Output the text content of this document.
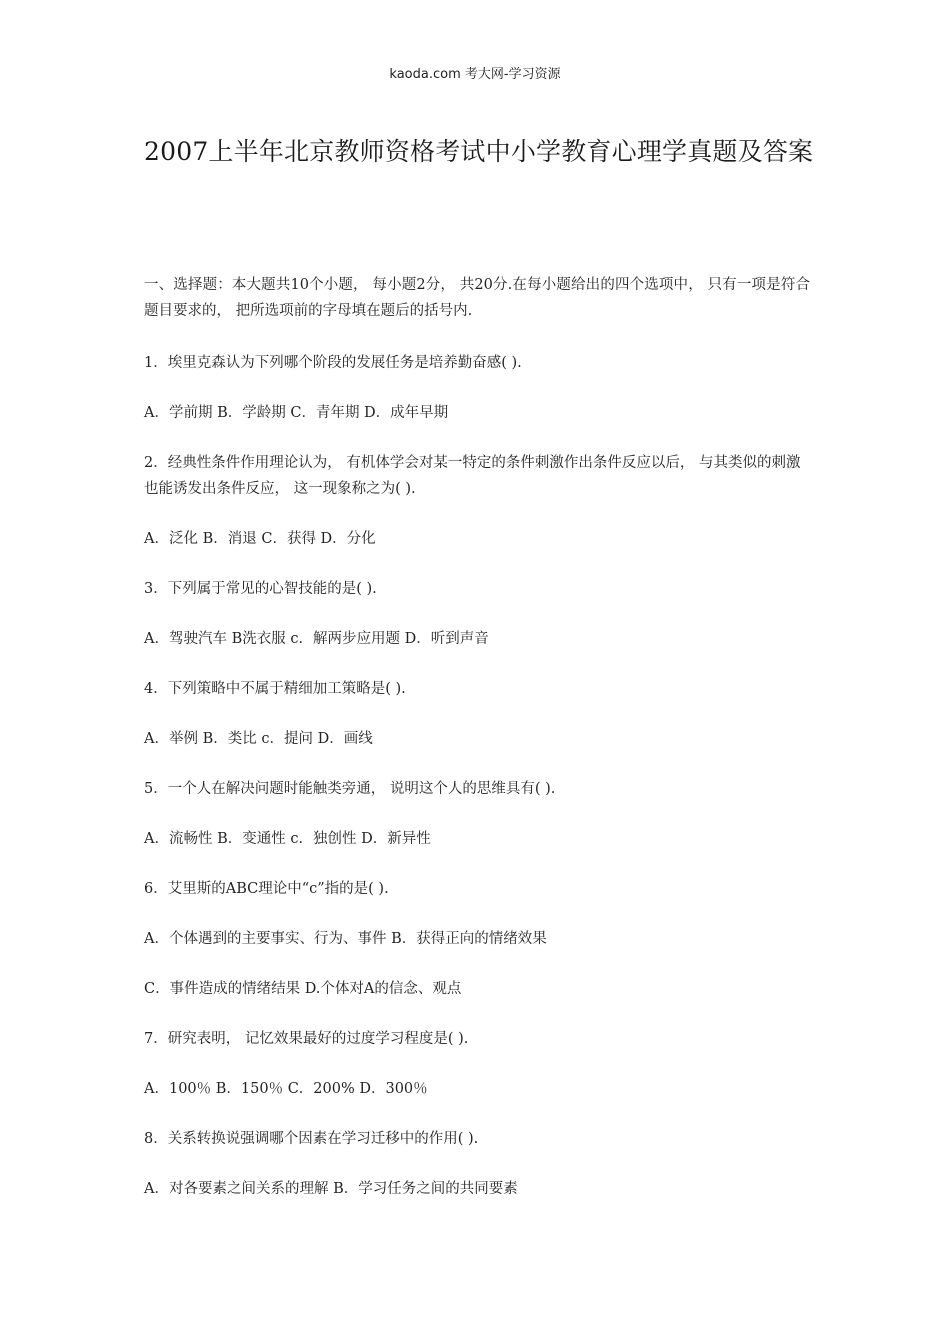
kaoda.com 考大网-学习资源
2007上半年北京教师资格考试中小学教育心理学真题及答案

一、选择题：本大题共10个小题， 每小题2分， 共20分.在每小题给出的四个选项中， 只有一项是符合题目要求的， 把所选项前的字母填在题后的括号内.

1．埃里克森认为下列哪个阶段的发展任务是培养勤奋感( ).

A．学前期 B．学龄期 C．青年期 D．成年早期

2．经典性条件作用理论认为， 有机体学会对某一特定的条件刺激作出条件反应以后， 与其类似的刺激也能诱发出条件反应， 这一现象称之为( ).

A．泛化 B．消退 C．获得 D．分化

3．下列属于常见的心智技能的是( ).

A．驾驶汽车 B洗衣服 c．解两步应用题 D．听到声音

4．下列策略中不属于精细加工策略是( ).

A．举例 B．类比 c．提问 D．画线

5．一个人在解决问题时能触类旁通， 说明这个人的思维具有( ).

A．流畅性 B．变通性 c．独创性 D．新异性

6．艾里斯的ABC理论中“c”指的是( ).

A．个体遇到的主要事实、行为、事件 B．获得正向的情绪效果

C．事件造成的情绪结果 D.个体对A的信念、观点

7．研究表明， 记忆效果最好的过度学习程度是( ).

A．100％ B．150％ C．200% D．300％

8．关系转换说强调哪个因素在学习迁移中的作用( ).

A．对各要素之间关系的理解 B．学习任务之间的共同要素
